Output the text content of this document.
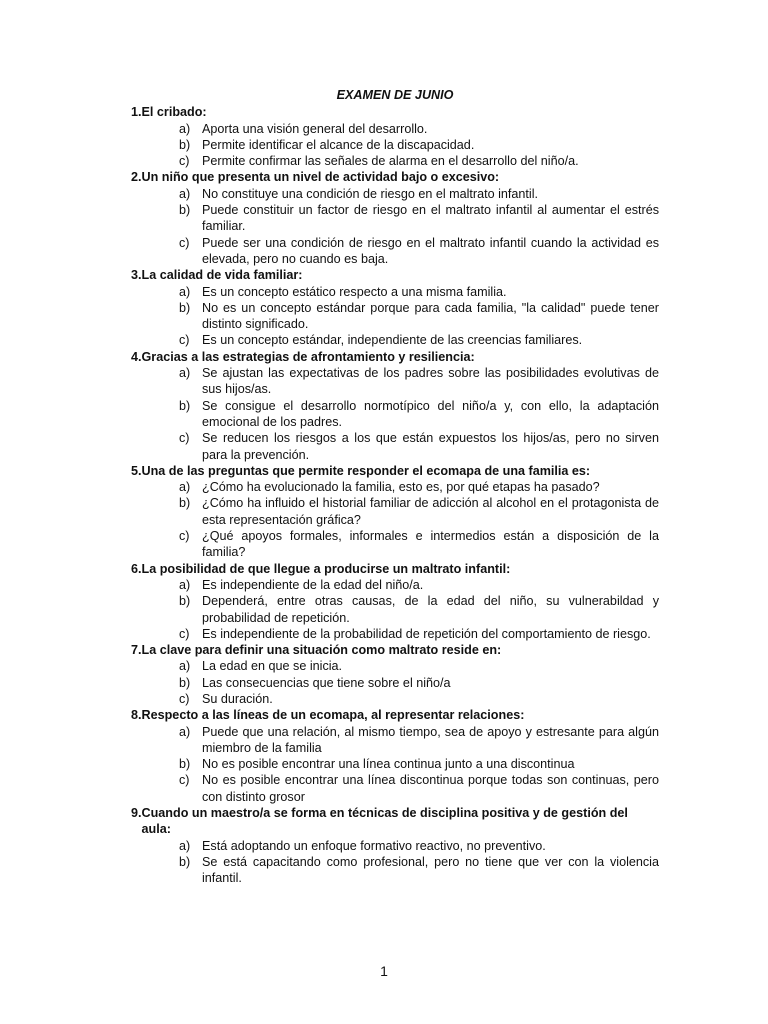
EXAMEN DE JUNIO
1. El cribado:
a) Aporta una visión general del desarrollo.
b) Permite identificar el alcance de la discapacidad.
c) Permite confirmar las señales de alarma en el desarrollo del niño/a.
2. Un niño que presenta un nivel de actividad bajo o excesivo:
a) No constituye una condición de riesgo en el maltrato infantil.
b) Puede constituir un factor de riesgo en el maltrato infantil al aumentar el estrés familiar.
c) Puede ser una condición de riesgo en el maltrato infantil cuando la actividad es elevada, pero no cuando es baja.
3. La calidad de vida familiar:
a) Es un concepto estático respecto a una misma familia.
b) No es un concepto estándar porque para cada familia, "la calidad" puede tener distinto significado.
c) Es un concepto estándar, independiente de las creencias familiares.
4. Gracias a las estrategias de afrontamiento y resiliencia:
a) Se ajustan las expectativas de los padres sobre las posibilidades evolutivas de sus hijos/as.
b) Se consigue el desarrollo normotípico del niño/a y, con ello, la adaptación emocional de los padres.
c) Se reducen los riesgos a los que están expuestos los hijos/as, pero no sirven para la prevención.
5. Una de las preguntas que permite responder el ecomapa de una familia es:
a) ¿Cómo ha evolucionado la familia, esto es, por qué etapas ha pasado?
b) ¿Cómo ha influido el historial familiar de adicción al alcohol en el protagonista de esta representación gráfica?
c) ¿Qué apoyos formales, informales e intermedios están a disposición de la familia?
6. La posibilidad de que llegue a producirse un maltrato infantil:
a) Es independiente de la edad del niño/a.
b) Dependerá, entre otras causas, de la edad del niño, su vulnerabildad y probabilidad de repetición.
c) Es independiente de la probabilidad de repetición del comportamiento de riesgo.
7. La clave para definir una situación como maltrato reside en:
a) La edad en que se inicia.
b) Las consecuencias que tiene sobre el niño/a
c) Su duración.
8. Respecto a las líneas de un ecomapa, al representar relaciones:
a) Puede que una relación, al mismo tiempo, sea de apoyo y estresante para algún miembro de la familia
b) No es posible encontrar una línea continua junto a una discontinua
c) No es posible encontrar una línea discontinua porque todas son continuas, pero con distinto grosor
9. Cuando un maestro/a se forma en técnicas de disciplina positiva y de gestión del aula:
a) Está adoptando un enfoque formativo reactivo, no preventivo.
b) Se está capacitando como profesional, pero no tiene que ver con la violencia infantil.
1
